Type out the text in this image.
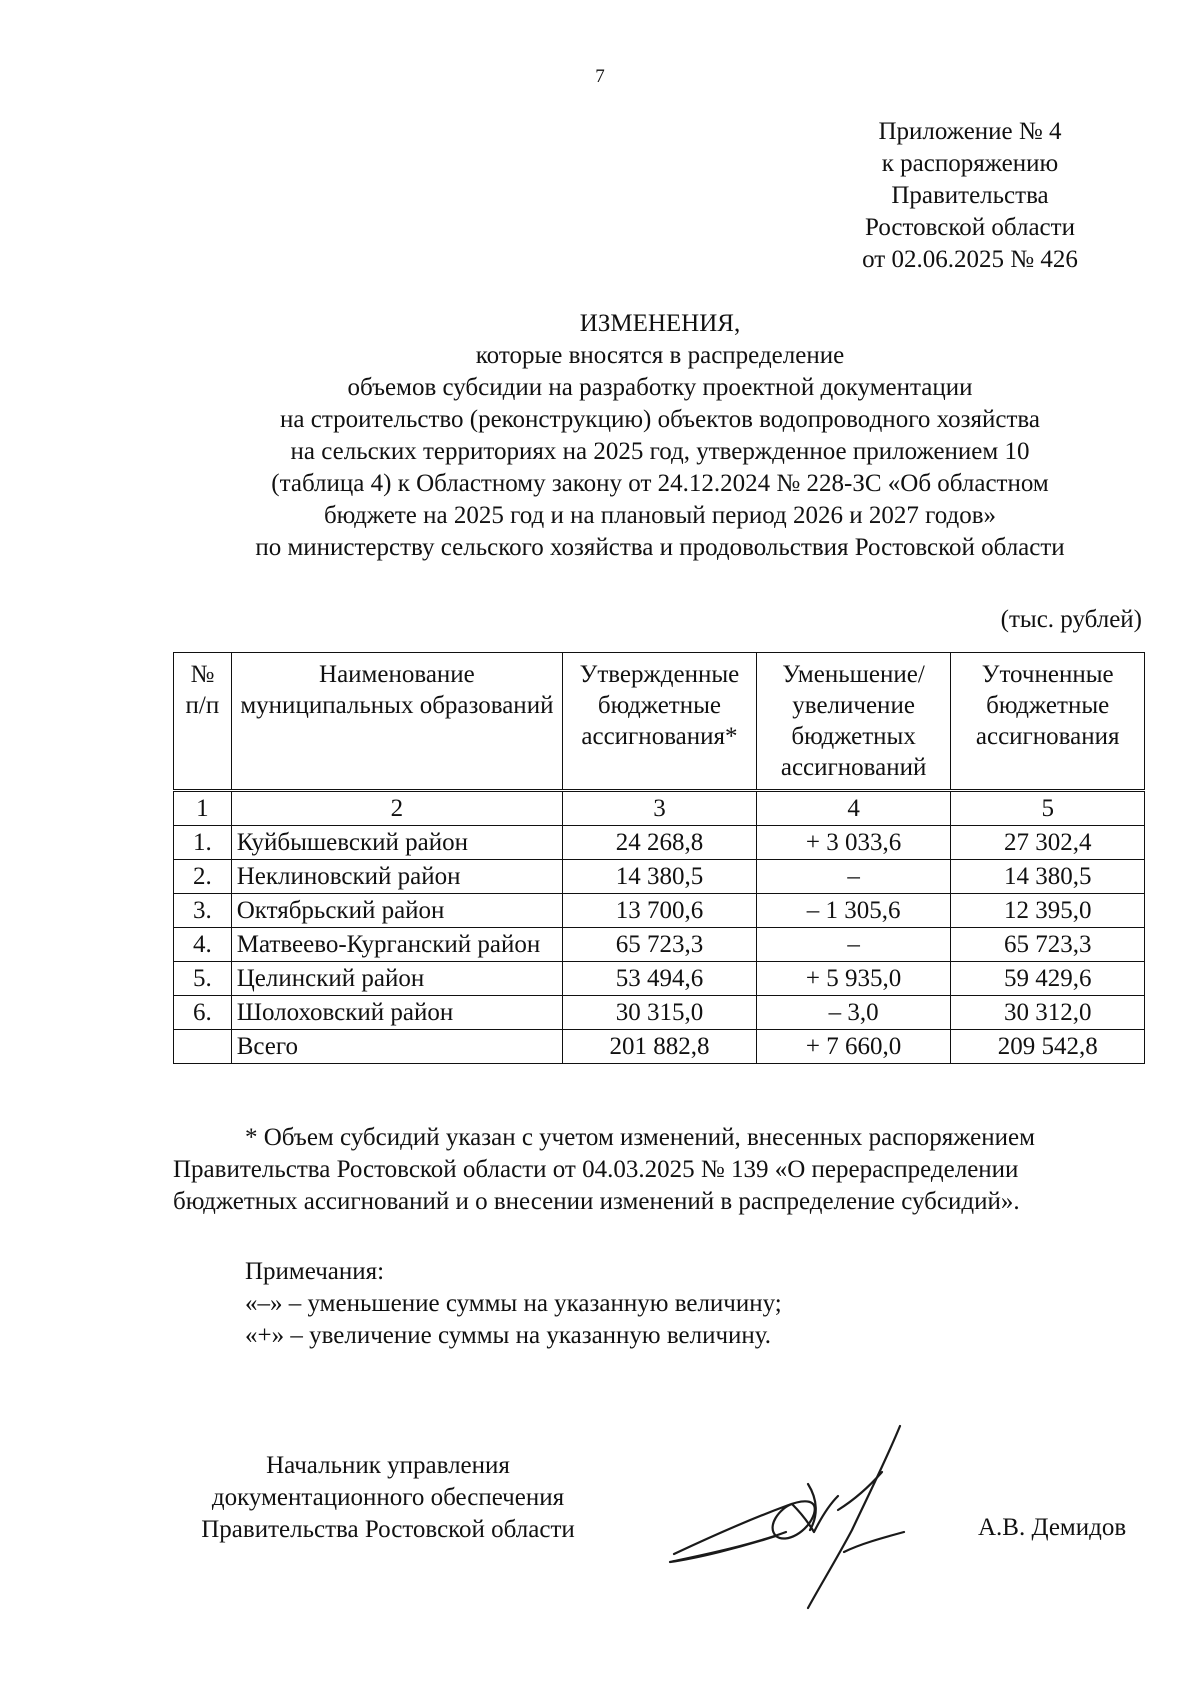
7
Приложение № 4
к распоряжению
Правительства
Ростовской области
от 02.06.2025 № 426
ИЗМЕНЕНИЯ,
которые вносятся в распределение
объемов субсидии на разработку проектной документации
на строительство (реконструкцию) объектов водопроводного хозяйства
на сельских территориях на 2025 год, утвержденное приложением 10
(таблица 4) к Областному закону от 24.12.2024 № 228-ЗС «Об областном
бюджете на 2025 год и на плановый период 2026 и 2027 годов»
по министерству сельского хозяйства и продовольствия Ростовской области
(тыс. рублей)
№ п/п	Наименование муниципальных образований	Утвержденные бюджетные ассигнования*	Уменьшение/ увеличение бюджетных ассигнований	Уточненные бюджетные ассигнования
1	2	3	4	5
1.	Куйбышевский район	24 268,8	+ 3 033,6	27 302,4
2.	Неклиновский район	14 380,5	–	14 380,5
3.	Октябрьский район	13 700,6	– 1 305,6	12 395,0
4.	Матвеево-Курганский район	65 723,3	–	65 723,3
5.	Целинский район	53 494,6	+ 5 935,0	59 429,6
6.	Шолоховский район	30 315,0	– 3,0	30 312,0
	Всего	201 882,8	+ 7 660,0	209 542,8
* Объем субсидий указан с учетом изменений, внесенных распоряжением
Правительства Ростовской области от 04.03.2025 № 139 «О перераспределении
бюджетных ассигнований и о внесении изменений в распределение субсидий».
Примечания:
«–» – уменьшение суммы на указанную величину;
«+» – увеличение суммы на указанную величину.
Начальник управления
документационного обеспечения
Правительства Ростовской области	А.В. Демидов
